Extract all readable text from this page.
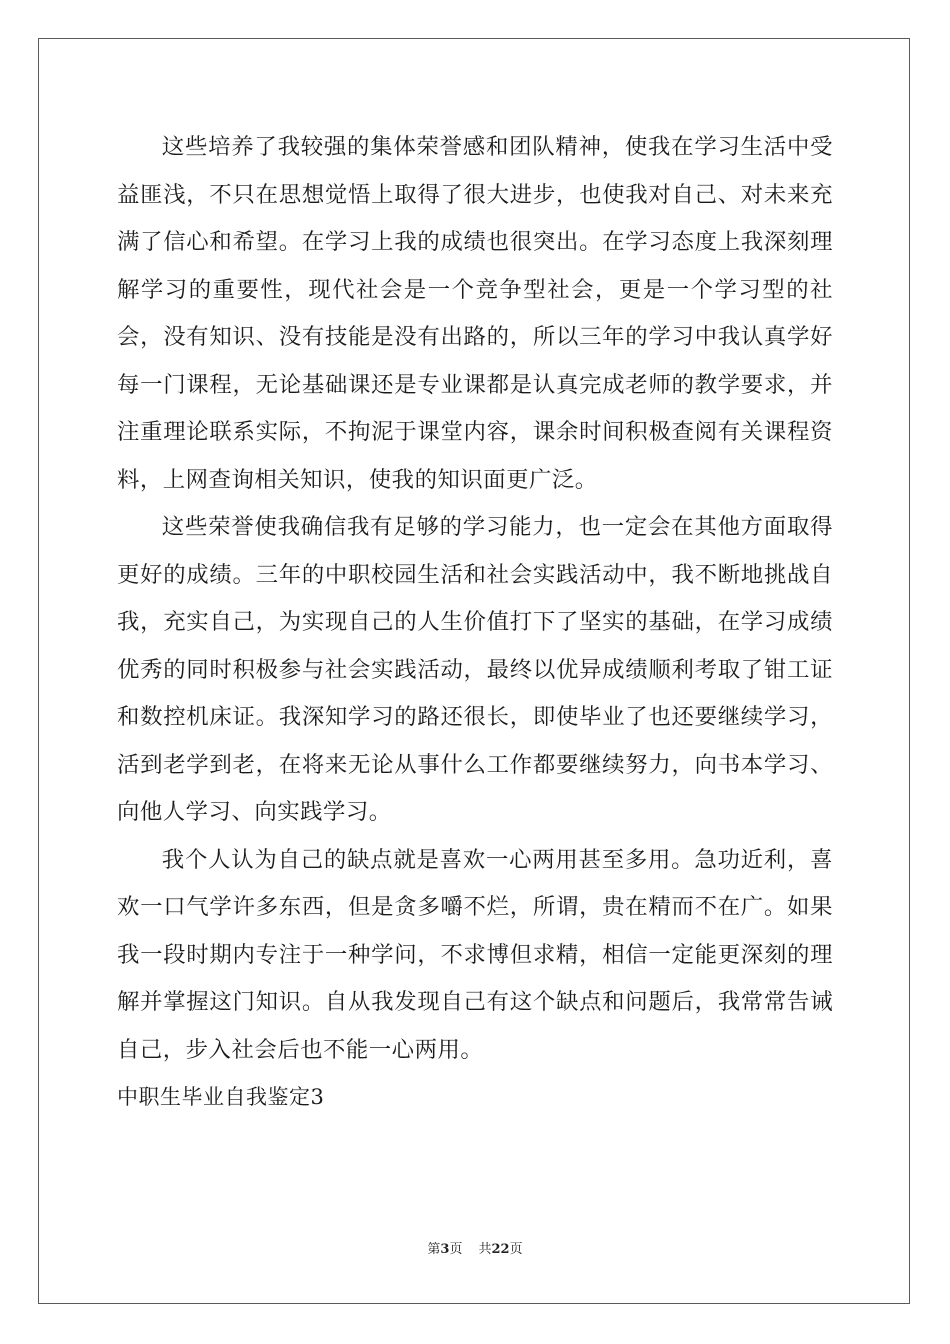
这些培养了我较强的集体荣誉感和团队精神，使我在学习生活中受益匪浅，不只在思想觉悟上取得了很大进步，也使我对自己、对未来充满了信心和希望。在学习上我的成绩也很突出。在学习态度上我深刻理解学习的重要性，现代社会是一个竞争型社会，更是一个学习型的社会，没有知识、没有技能是没有出路的，所以三年的学习中我认真学好每一门课程，无论基础课还是专业课都是认真完成老师的教学要求，并注重理论联系实际，不拘泥于课堂内容，课余时间积极查阅有关课程资料，上网查询相关知识，使我的知识面更广泛。

这些荣誉使我确信我有足够的学习能力，也一定会在其他方面取得更好的成绩。三年的中职校园生活和社会实践活动中，我不断地挑战自我，充实自己，为实现自己的人生价值打下了坚实的基础，在学习成绩优秀的同时积极参与社会实践活动，最终以优异成绩顺利考取了钳工证和数控机床证。我深知学习的路还很长，即使毕业了也还要继续学习，活到老学到老，在将来无论从事什么工作都要继续努力，向书本学习、向他人学习、向实践学习。

我个人认为自己的缺点就是喜欢一心两用甚至多用。急功近利，喜欢一口气学许多东西，但是贪多嚼不烂，所谓，贵在精而不在广。如果我一段时期内专注于一种学问，不求博但求精，相信一定能更深刻的理解并掌握这门知识。自从我发现自己有这个缺点和问题后，我常常告诫自己，步入社会后也不能一心两用。

中职生毕业自我鉴定3

第3页 共22页
